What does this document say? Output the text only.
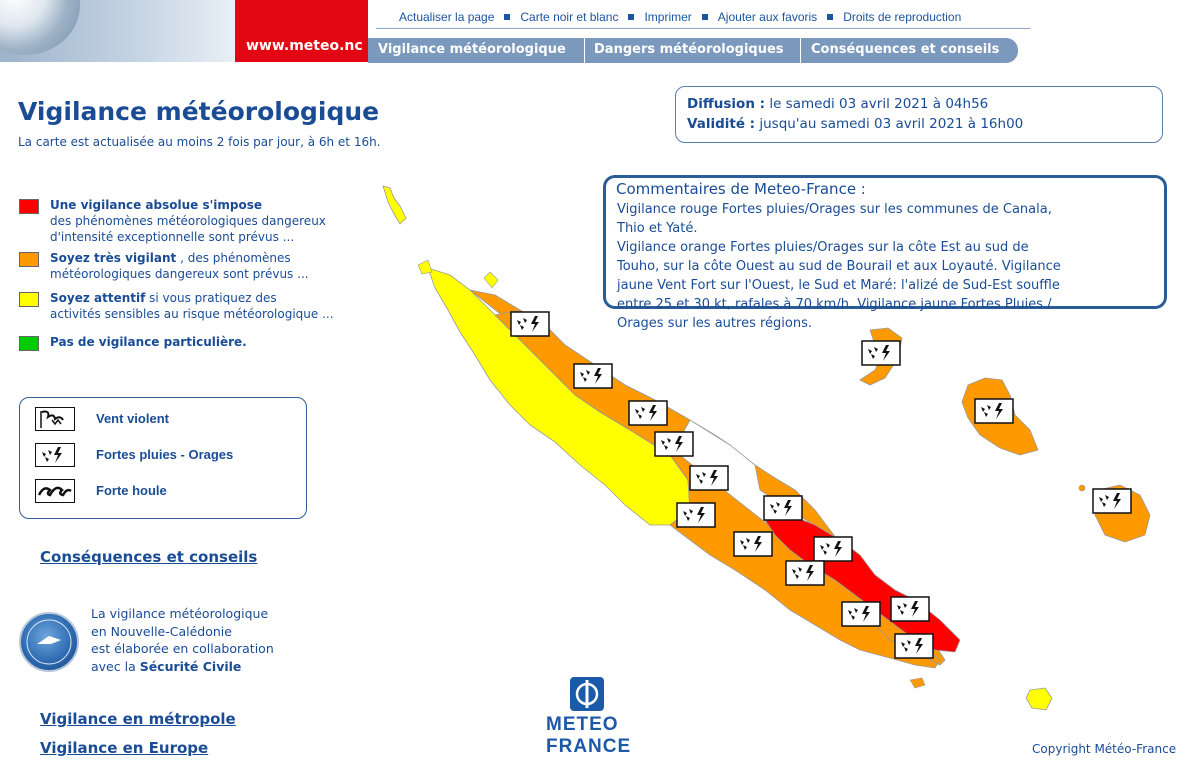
www.meteo.nc
Actualiser la page Carte noir et blanc Imprimer Ajouter aux favoris Droits de reproduction
Vigilance météorologique Dangers météorologiques Conséquences et conseils
Vigilance météorologique
La carte est actualisée au moins 2 fois par jour, à 6h et 16h.
Une vigilance absolue s'impose
des phénomènes météorologiques dangereux
d'intensité exceptionnelle sont prévus ...
Soyez très vigilant , des phénomènes
météorologiques dangereux sont prévus ...
Soyez attentif si vous pratiquez des
activités sensibles au risque météorologique ...
Pas de vigilance particulière.
Vent violent
Fortes pluies - Orages
Forte houle
Conséquences et conseils
La vigilance météorologique
en Nouvelle-Calédonie
est élaborée en collaboration
avec la Sécurité Civile
Vigilance en métropole
Vigilance en Europe
Diffusion : le samedi 03 avril 2021 à 04h56
Validité : jusqu'au samedi 03 avril 2021 à 16h00
METEO
FRANCE
Commentaires de Meteo-France :
Vigilance rouge Fortes pluies/Orages sur les communes de Canala,
Thio et Yaté.
Vigilance orange Fortes pluies/Orages sur la côte Est au sud de
Touho, sur la côte Ouest au sud de Bourail et aux Loyauté. Vigilance
jaune Vent Fort sur l'Ouest, le Sud et Maré: l'alizé de Sud-Est souffle
entre 25 et 30 kt, rafales à 70 km/h. Vigilance jaune Fortes Pluies /
Orages sur les autres régions.
Copyright Météo-France
